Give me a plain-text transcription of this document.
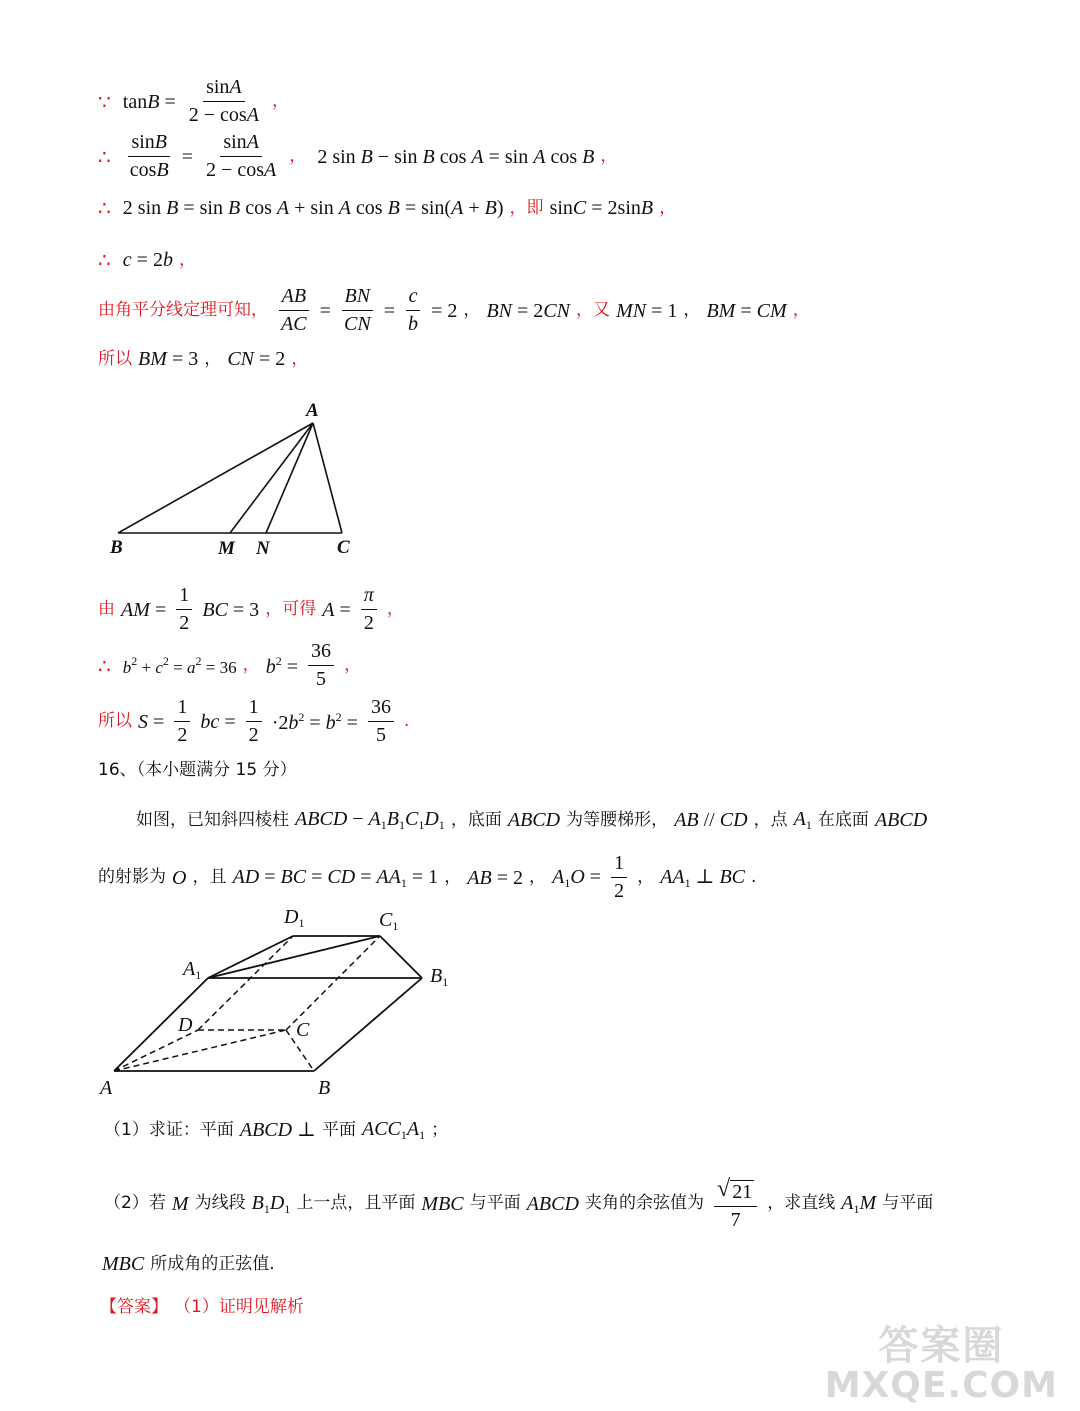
∵ $\tan B = \frac{\sin A}{2 - \cos A}$ ，
∴ $\frac{\sin B}{\cos B} = \frac{\sin A}{2 - \cos A}$ ，  2 sin B − sin B cos A = sin A cos B ，
∴ 2 sin B = sin B cos A + sin A cos B = sin(A + B) ，即 sinC = 2sinB ，
∴ c = 2b ，
由角平分线定理可知， $\frac{AB}{AC} = \frac{BN}{CN} = \frac{c}{b} = 2$ ， BN = 2CN ，又 MN = 1 ， BM = CM ，
所以 BM = 3 ， CN = 2 ，
A
B	M N	C
由 AM = $\frac{1}{2}$ BC = 3 ，可得 $A = \frac{\pi}{2}$ ，
∴ $b^2 + c^2 = a^2 = 36$ ， $b^2 = \frac{36}{5}$ ，
所以 $S = \frac{1}{2}$ bc = $\frac{1}{2} \cdot 2b^2 = b^2 = \frac{36}{5}$ .
16、（本小题满分 15 分）
如图，已知斜四棱柱 ABCD − $A_1B_1C_1D_1$ ，底面 ABCD 为等腰梯形， AB // CD ，点 $A_1$ 在底面 ABCD
的射影为 O ，且 AD = BC = CD = $AA_1 = 1$ ， AB = 2 ， $A_1O = \frac{1}{2}$ ， $AA_1$ ⊥ BC .
$D_1$	$C_1$
$A_1$	$B_1$
D	C
A	B
（1）求证：平面 ABCD ⊥ 平面 $ACC_1A_1$ ；
（2）若 M 为线段 $B_1D_1$ 上一点，且平面 MBC 与平面 ABCD 夹角的余弦值为 $\frac{√ 21}{7}$ ，求直线 $A_1M$ 与平面
MBC 所成角的正弦值.
【答案】 （1）证明见解析
答案圈
MXQE.COM
